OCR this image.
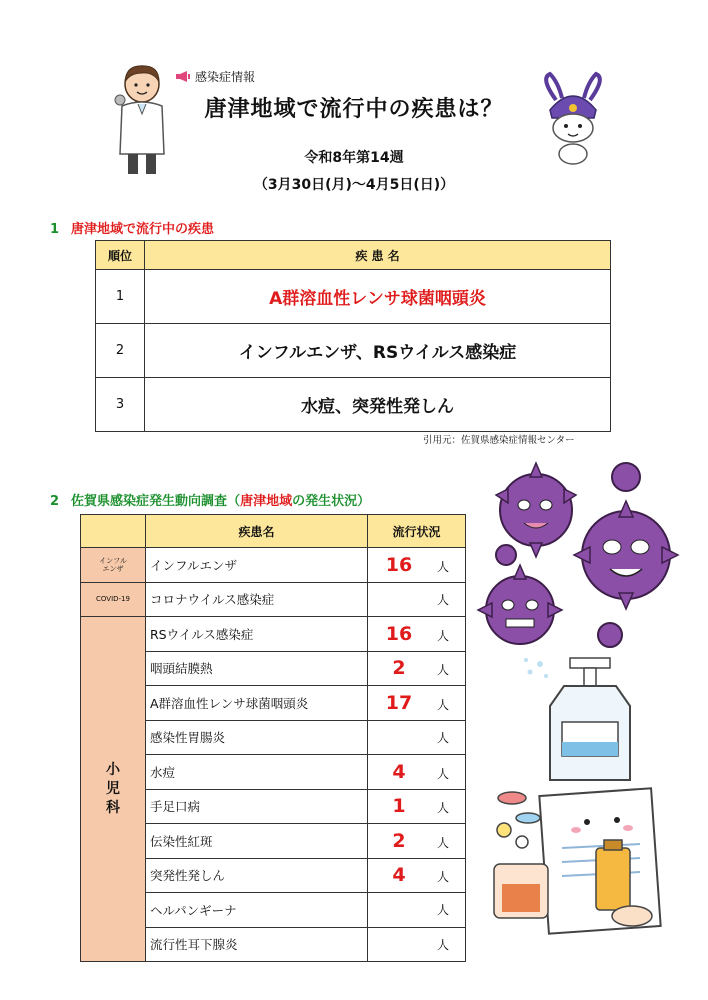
感染症情報
唐津地域で流行中の疾患は？
令和8年第14週
（3月30日(月)〜4月5日(日)）
1 唐津地域で流行中の疾患
順位	疾 患 名
1	A群溶血性レンサ球菌咽頭炎
2	インフルエンザ、RSウイルス感染症
3	水痘、突発性発しん
引用元：佐賀県感染症情報センター
2 佐賀県感染症発生動向調査（唐津地域の発生状況）
	疾患名	流行状況
インフル
エンザ	インフルエンザ	16 人
COVID-19	コロナウイルス感染症	人
小
児
科	RSウイルス感染症	16 人
	咽頭結膜熱	2 人
	A群溶血性レンサ球菌咽頭炎	17 人
	感染性胃腸炎	人
	水痘	4 人
	手足口病	1 人
	伝染性紅斑	2 人
	突発性発しん	4 人
	ヘルパンギーナ	人
	流行性耳下腺炎	人
